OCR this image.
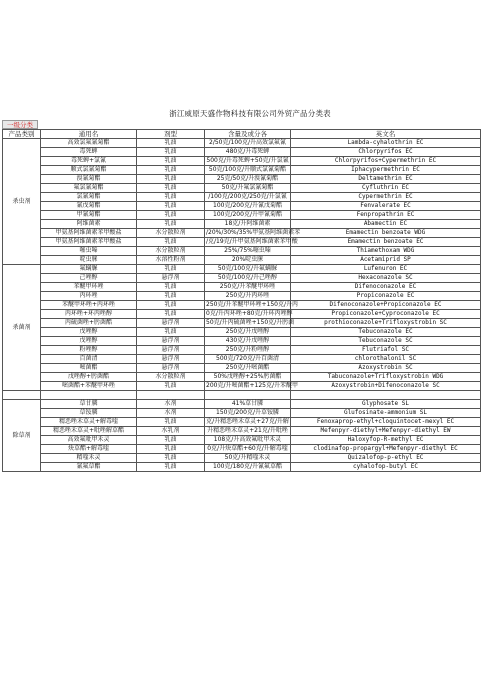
浙江威原天盛作物科技有限公司外贸产品分类表
一级分类
产品类别	通用名	剂型	含量及或分各	英文名
杀虫剂	高效氯氟氰菊酯	乳油	2/50克/100克/升高效氯氟氰	Lambda-cyhalothrin EC
	毒死蜱	乳油	480克/升毒死蜱	Chlorpyrifos EC
	毒死蜱+氯氰	乳油	500克/升毒死蜱+50克/升氯氰	Chlorpyrifos+Cypermethrin EC
	顺式氯氰菊酯	乳油	50克/100克/升顺式氯氰菊酯	Iphacypermethrin EC
	溴氰菊酯	乳油	25克/50克/升溴氰菊酯	Deltamethrin EC
	氟氯氰菊酯	乳油	50克/升氟氯氰菊酯	Cyfluthrin EC
	氯氰菊酯	乳油	/100克/200克/250克/升氯氰	Cypermethrin EC
	氰戊菊酯	乳油	100克/200克/升氰戊菊酯	Fenvalerate EC
	甲氰菊酯	乳油	100克/200克/升甲氰菊酯	Fenpropathrin EC
	阿维菌素	乳油	18克/升阿维菌素	Abamectin EC
	甲氨基阿维菌素苯甲酸盐	水分散粒剂	/20%/30%/35%甲氨基阿维菌素苯	Emamectin benzoate WDG
	甲氨基阿维菌素苯甲酸盐	乳油	/克/19克/升甲氨基阿维菌素苯甲酸	Emamectin benzoate EC
	噻虫嗪	水分散粒剂	25%/75%噻虫嗪	Thiamethoxam WDG
	啶虫脒	水溶性粉剂	20%啶虫脒	Acetamiprid SP
杀菌剂	氟螨脲	乳油	50克/100克/升氟螨脲	Lufenuron EC
	己唑醇	悬浮剂	50克/100克/升己唑醇	Hexaconazole SC
	苯醚甲环唑	乳油	250克/升苯醚甲环唑	Difenoconazole EC
	丙环唑	乳油	250克/升丙环唑	Propiconazole EC
	苯醚甲环唑+丙环唑	乳油	250克/升苯醚甲环唑+150克/升丙	Difenoconazole+Propiconazole EC
	丙环唑+环丙唑醇	乳油	0克/升丙环唑+80克/升环丙唑醇	Propiconazole+Cyproconazole EC
	丙硫菌唑+肟菌酯	悬浮剂	50克/升丙硫菌唑+150克/升肟菌	prothioconazole+Trifloxystrobin SC
	戊唑醇	乳油	250克/升戊唑醇	Tebuconazole EC
	戊唑醇	悬浮剂	430克/升戊唑醇	Tebuconazole SC
	粉唑醇	悬浮剂	250克/升粉唑醇	Flutriafol SC
	百菌清	悬浮剂	500克/720克/升百菌清	chlorothalonil SC
	嘧菌酯	悬浮剂	250克/升嘧菌酯	Azoxystrobin SC
	戊唑醇+肟菌酯	水分散粒剂	50%戊唑醇+25%肟菌酯	Tabuconazole+Trifloxystrobin WDG
	嘧菌酯+苯醚甲环唑	乳油	200克/升嘧菌酯+125克/升苯醚甲	Azoxystrobin+Difenoconazole SC

除草剂	草甘膦	水剂	41%草甘膦	Glyphosate SL
	草铵膦	水剂	150克/200克/升草铵膦	Glufosinate-ammonium SL
	精恶唑禾草灵+解毒喹	乳油	克/升精恶唑禾草灵+27克/升解	Fenoxaprop-ethyl+cloquintocet-mexyl EC
	精恶唑禾草灵+吡唑解草酯	水乳剂	升精恶唑禾草灵+21克/升吡唑	Mefenpyr-diethyl+Mefenpyr-diethyl EW
	高效氟吡甲禾灵	乳油	108克/升高效氟吡甲禾灵	Haloxyfop-R-methyl EC
	炔草酯+解毒喹	乳油	0克/升炔草酯+60克/升解毒喹	clodinafop-propargyl+Mefenpyr-diethyl EC
	精喹禾灵	乳油	50克/升精喹禾灵	Quizalofop-p-ethyl EC
	氰氟草酯	乳油	100克/180克/升氰氟草酯	cyhalofop-butyl EC
